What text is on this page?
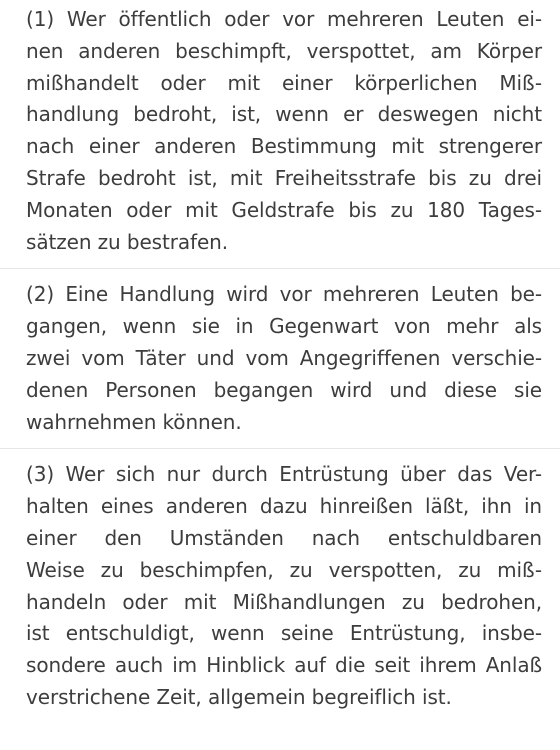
(1) Wer öffentlich oder vor mehreren Leuten ei-
nen anderen beschimpft, verspottet, am Körper
mißhandelt oder mit einer körperlichen Miß-
handlung bedroht, ist, wenn er deswegen nicht
nach einer anderen Bestimmung mit strengerer
Strafe bedroht ist, mit Freiheitsstrafe bis zu drei
Monaten oder mit Geldstrafe bis zu 180 Tages-
sätzen zu bestrafen.
(2) Eine Handlung wird vor mehreren Leuten be-
gangen, wenn sie in Gegenwart von mehr als
zwei vom Täter und vom Angegriffenen verschie-
denen Personen begangen wird und diese sie
wahrnehmen können.
(3) Wer sich nur durch Entrüstung über das Ver-
halten eines anderen dazu hinreißen läßt, ihn in
einer den Umständen nach entschuldbaren
Weise zu beschimpfen, zu verspotten, zu miß-
handeln oder mit Mißhandlungen zu bedrohen,
ist entschuldigt, wenn seine Entrüstung, insbe-
sondere auch im Hinblick auf die seit ihrem Anlaß
verstrichene Zeit, allgemein begreiflich ist.
